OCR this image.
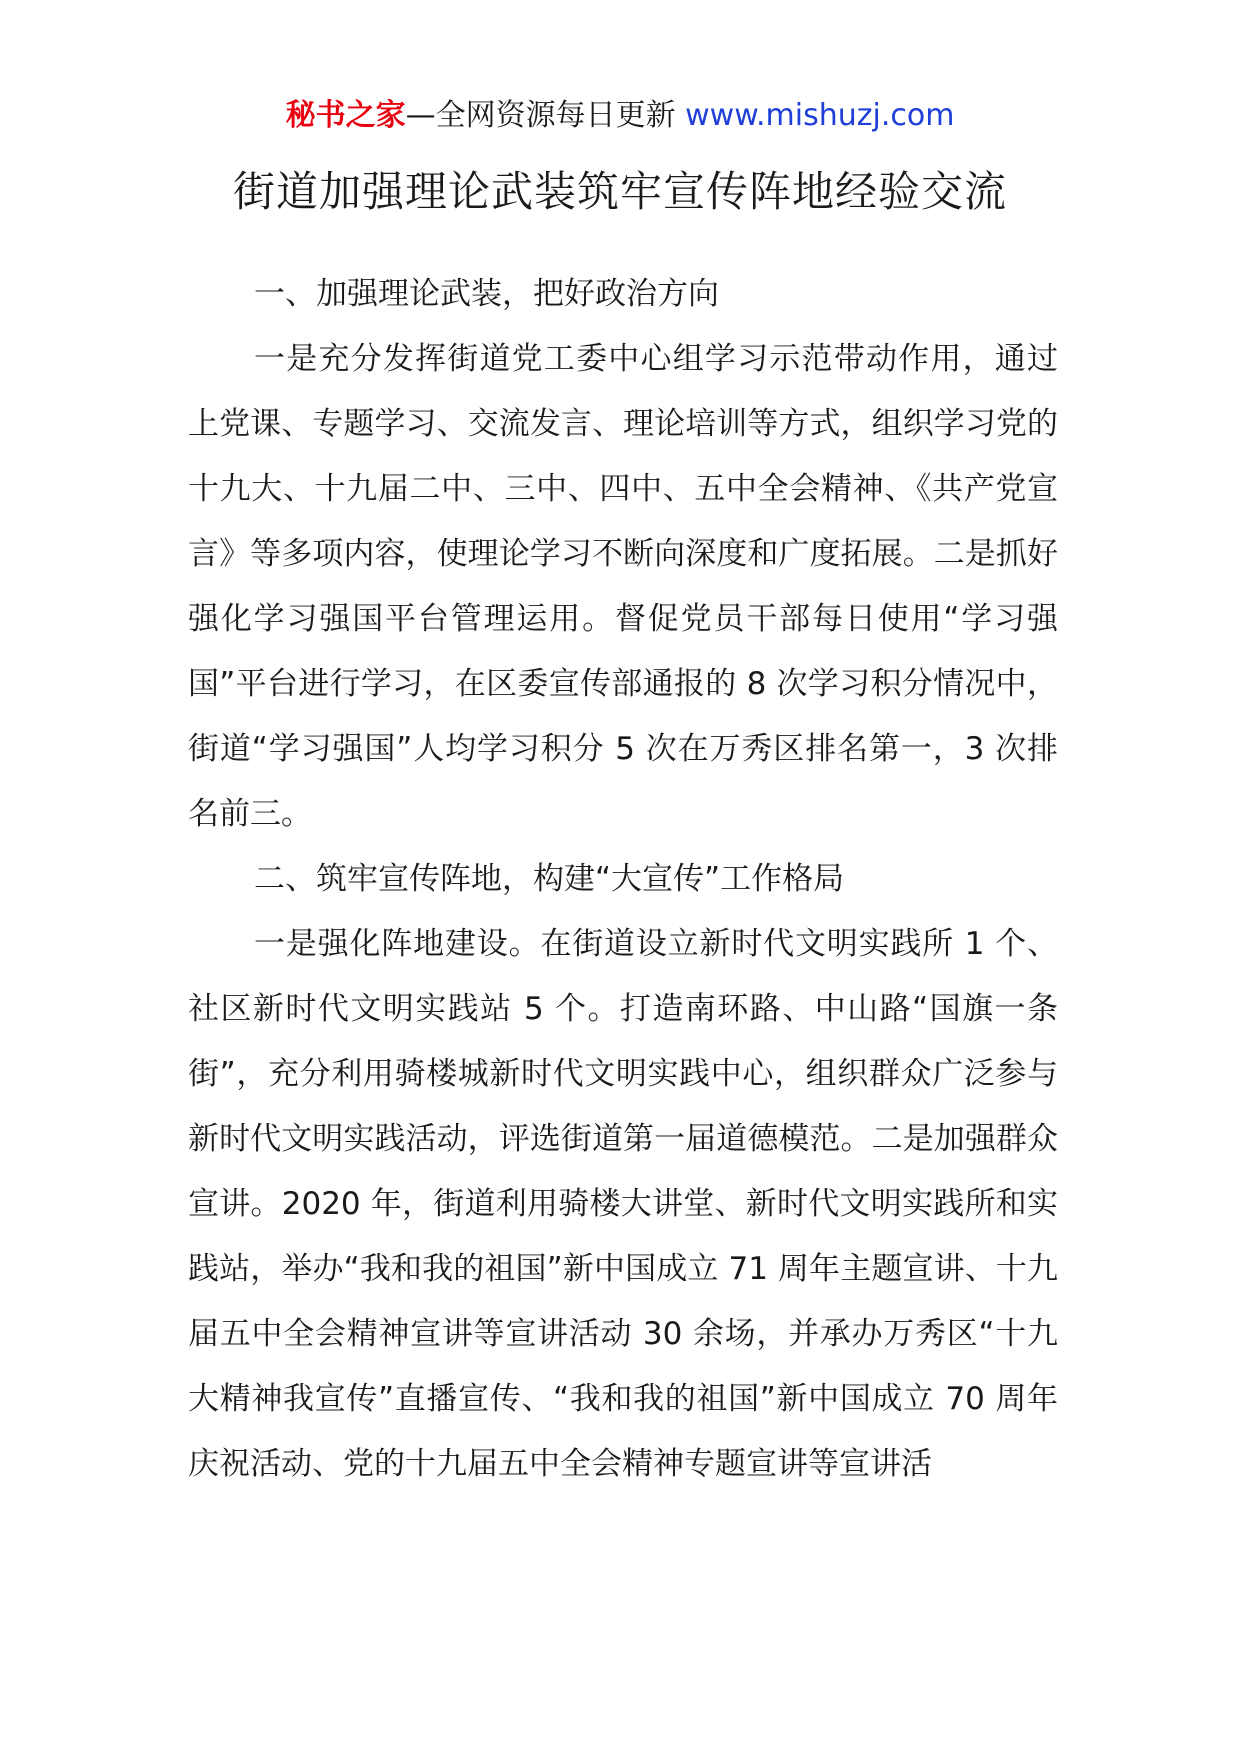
秘书之家—全网资源每日更新 www.mishuzj.com
街道加强理论武装筑牢宣传阵地经验交流

一、加强理论武装，把好政治方向

一是充分发挥街道党工委中心组学习示范带动作用，通过上党课、专题学习、交流发言、理论培训等方式，组织学习党的十九大、十九届二中、三中、四中、五中全会精神、《共产党宣言》等多项内容，使理论学习不断向深度和广度拓展。二是抓好强化学习强国平台管理运用。督促党员干部每日使用“学习强国”平台进行学习，在区委宣传部通报的 8 次学习积分情况中，街道“学习强国”人均学习积分 5 次在万秀区排名第一，3 次排名前三。

二、筑牢宣传阵地，构建“大宣传”工作格局

一是强化阵地建设。在街道设立新时代文明实践所 1 个、社区新时代文明实践站 5 个。打造南环路、中山路“国旗一条街”，充分利用骑楼城新时代文明实践中心，组织群众广泛参与新时代文明实践活动，评选街道第一届道德模范。二是加强群众宣讲。2020 年，街道利用骑楼大讲堂、新时代文明实践所和实践站，举办“我和我的祖国”新中国成立 71 周年主题宣讲、十九届五中全会精神宣讲等宣讲活动 30 余场，并承办万秀区“十九大精神我宣传”直播宣传、“我和我的祖国”新中国成立 70 周年庆祝活动、党的十九届五中全会精神专题宣讲等宣讲活
